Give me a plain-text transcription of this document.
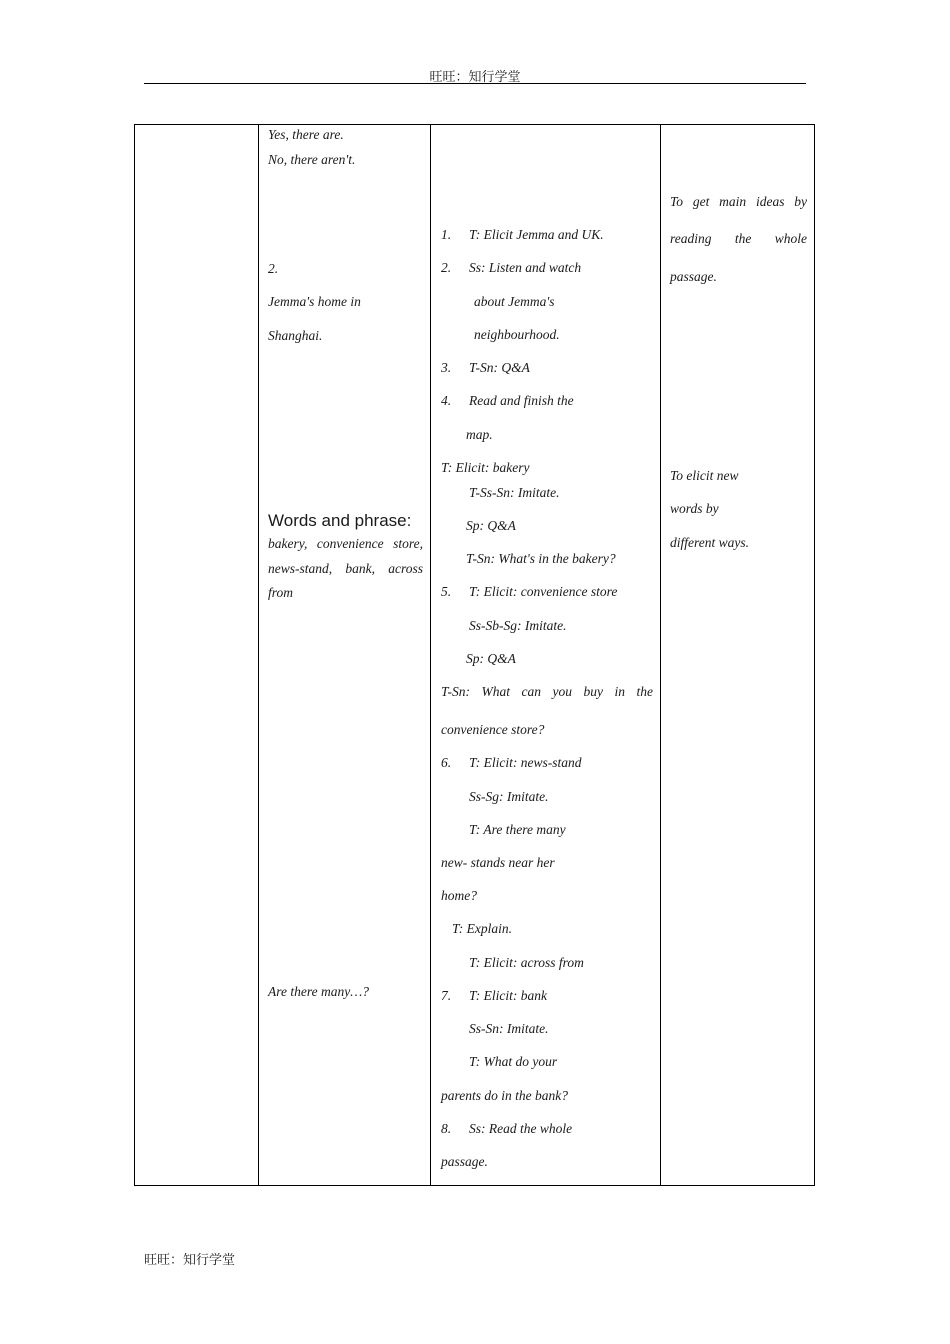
旺旺：知行学堂
Yes, there are.
No, there aren't.
2.
Jemma's home in
Shanghai.
Words and phrase:
bakery, convenience store,
news-stand, bank, across
from
Are there many…?
1. T: Elicit Jemma and UK.
2. Ss: Listen and watch
about Jemma's
neighbourhood.
3. T-Sn: Q&A
4. Read and finish the
map.
T: Elicit: bakery
T-Ss-Sn: Imitate.
Sp: Q&A
T-Sn: What's in the bakery?
5. T: Elicit: convenience store
Ss-Sb-Sg: Imitate.
Sp: Q&A
T-Sn: What can you buy in the
convenience store?
6. T: Elicit: news-stand
Ss-Sg: Imitate.
T: Are there many
new- stands near her
home?
T: Explain.
T: Elicit: across from
7. T: Elicit: bank
Ss-Sn: Imitate.
T: What do your
parents do in the bank?
8. Ss: Read the whole
passage.
To get main ideas by
reading the whole
passage.
To elicit new
words by
different ways.
旺旺：知行学堂
